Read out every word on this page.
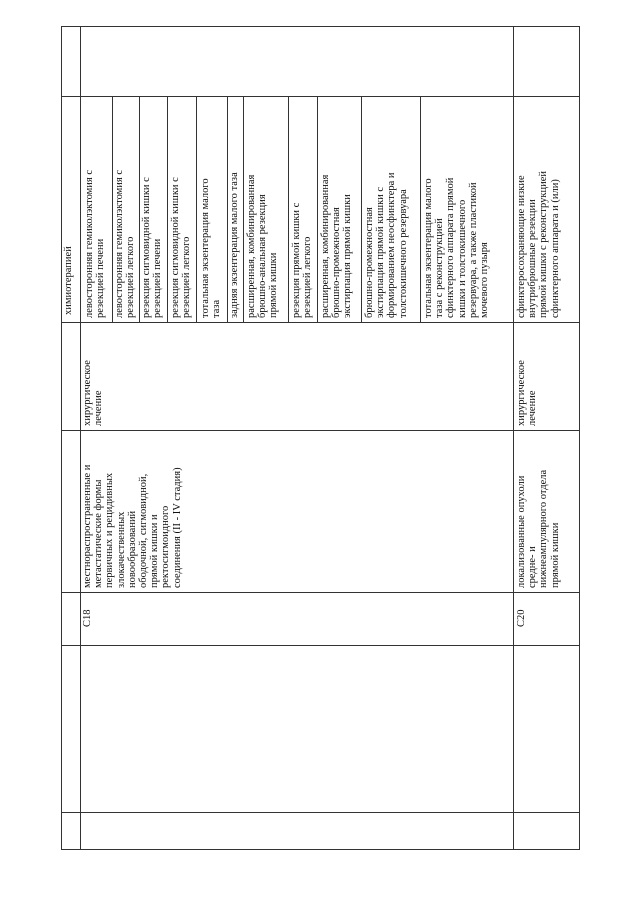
химиотерапией
C18
местнораспространенные и метастатические формы первичных и рецидивных злокачественных новообразований ободочной, сигмовидной, прямой кишки и ректосигмоидного соединения (II - IV стадия)
хирургическое лечение
левосторонняя гемиколэктомия с резекцией печени левосторонняя гемиколэктомия с резекцией легкого резекция сигмовидной кишки с резекцией печени резекция сигмовидной кишки с резекцией легкого тотальная экзентерация малого таза задняя экзентерация малого таза расширенная, комбинированная брюшно-анальная резекция прямой кишки резекция прямой кишки с резекцией легкого расширенная, комбинированная брюшно-промежностная экстирпация прямой кишки брюшно-промежностная экстирпация прямой кишки с формированием неосфинктера и толстокишечного резервуара тотальная экзентерация малого таза с реконструкцией сфинктерного аппарата прямой кишки и толстокишечного резервуара, а также пластикой мочевого пузыря
C20
локализованные опухоли средне- и нижнеампулярного отдела прямой кишки
хирургическое лечение
сфинктеросохраняющие низкие внутрибрюшные резекции прямой кишки с реконструкцией сфинктерного аппарата и (или)
